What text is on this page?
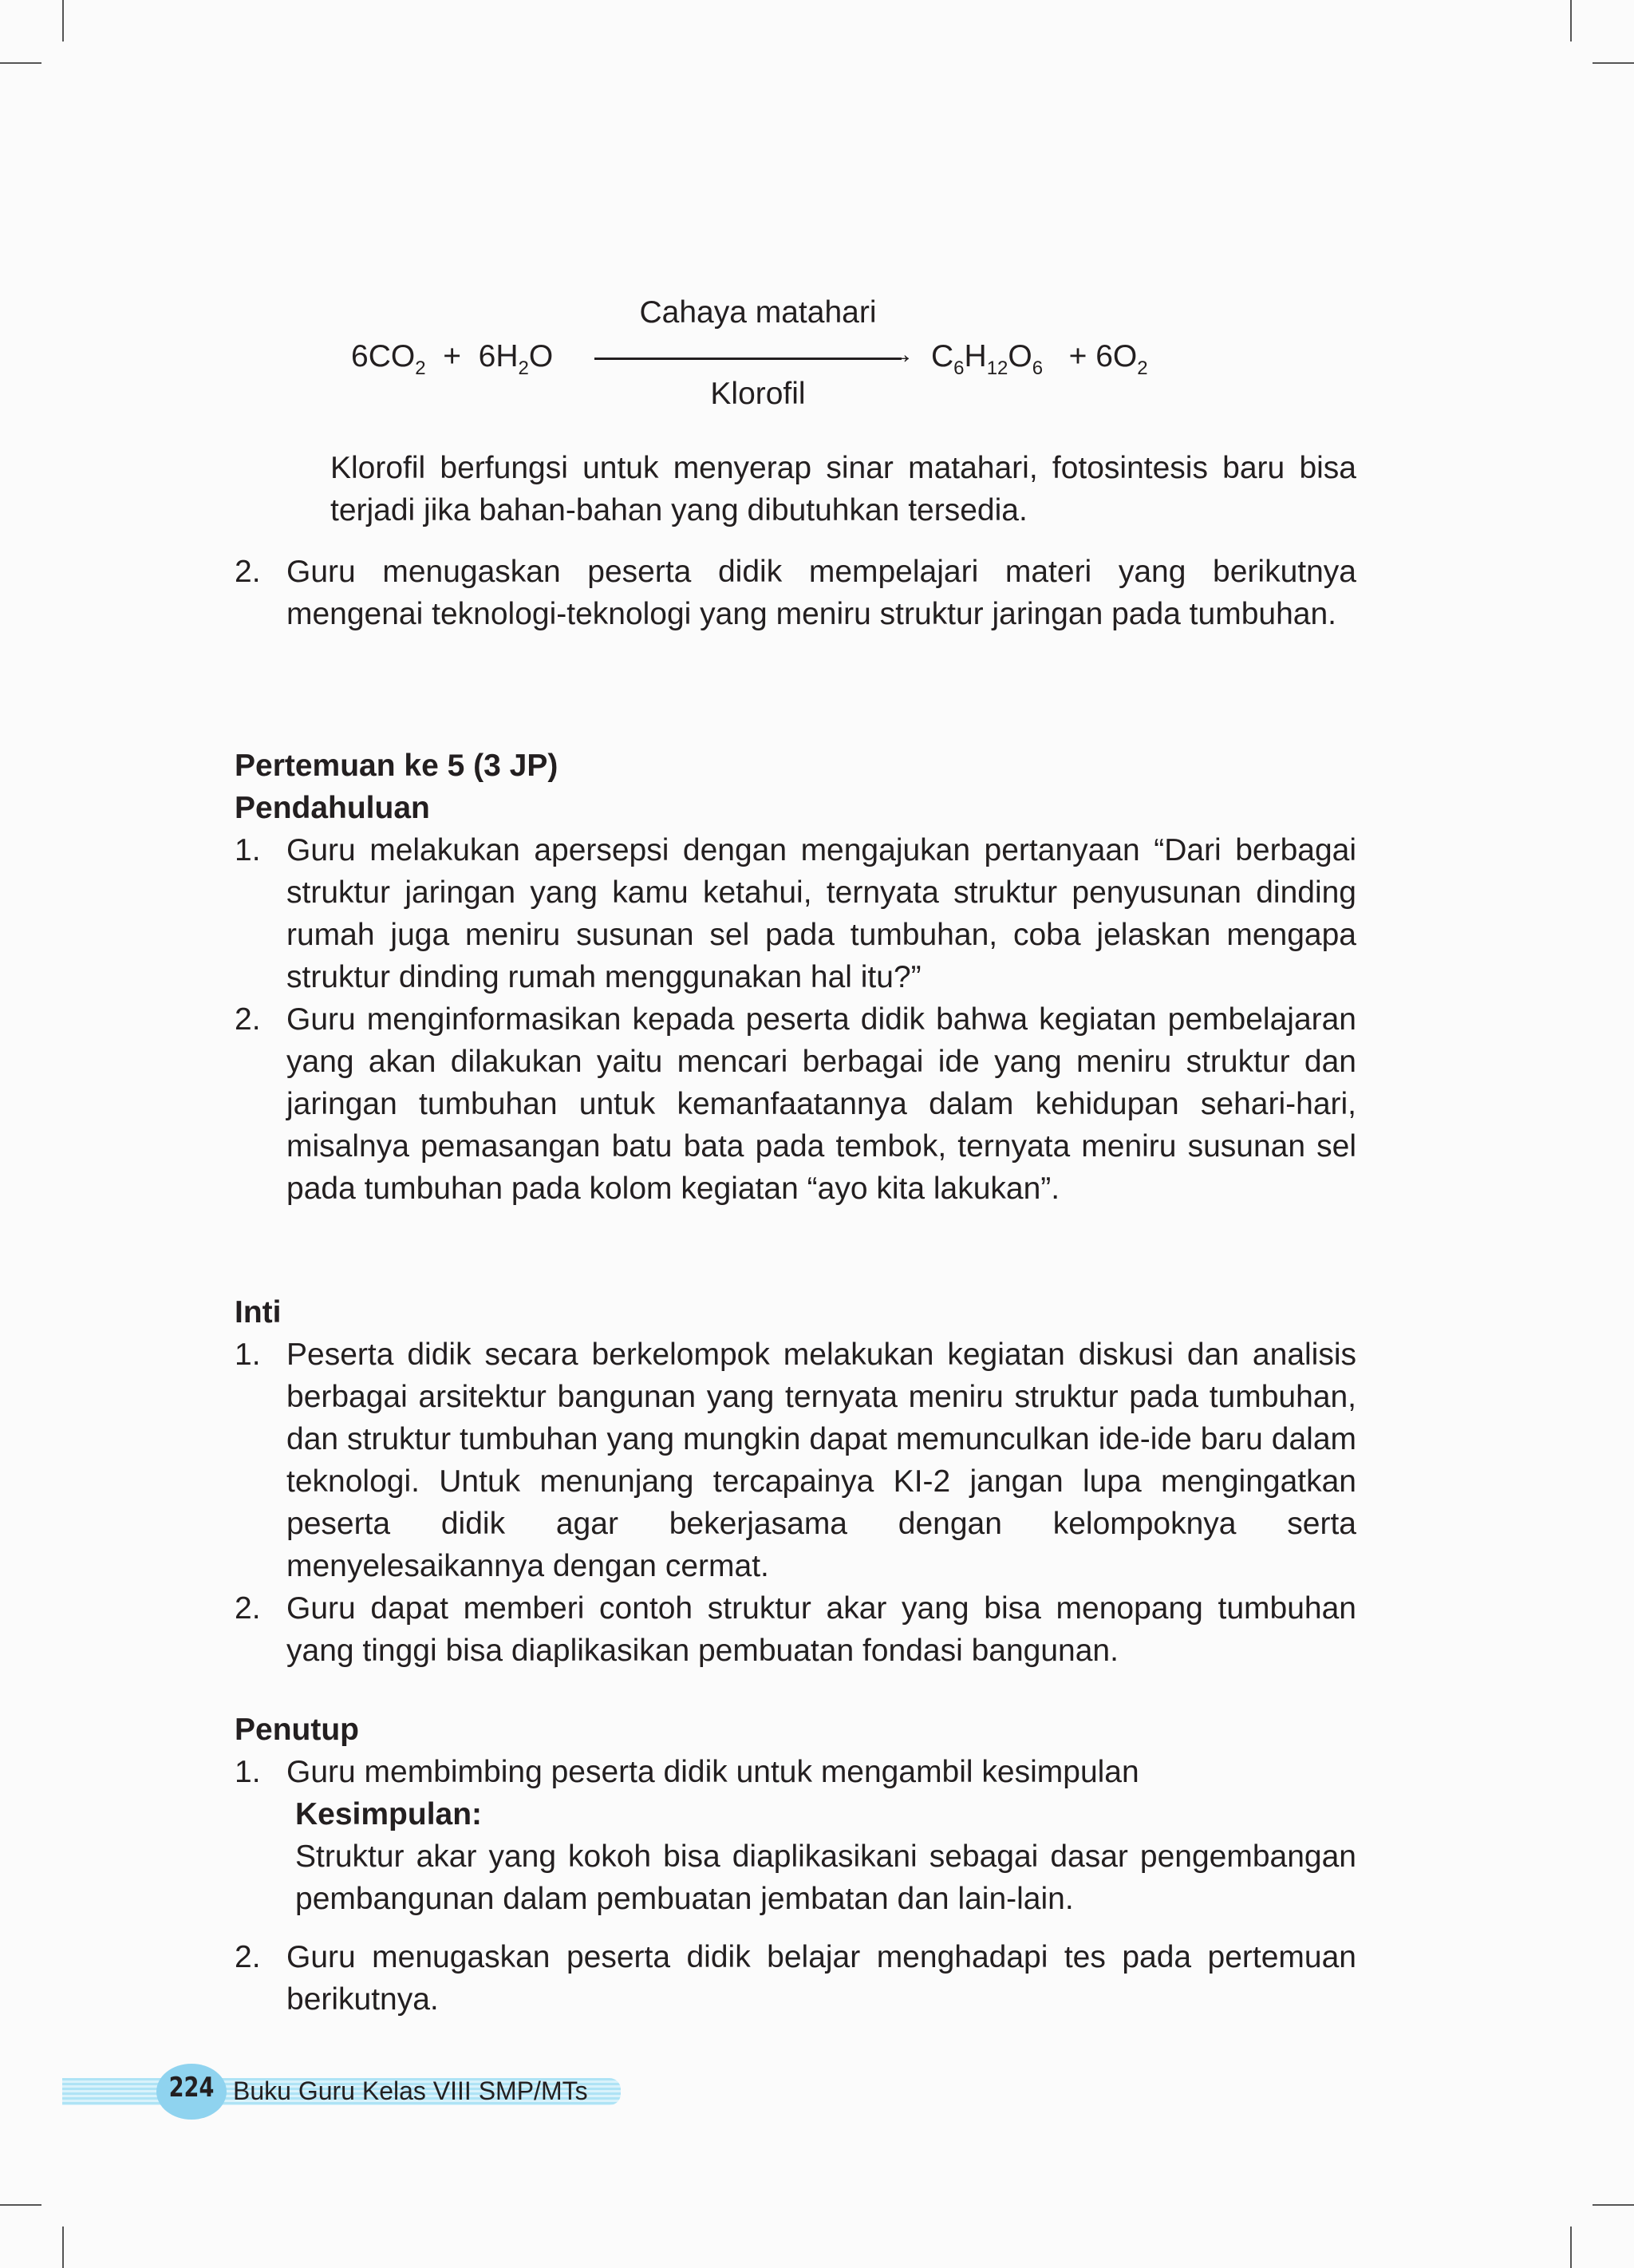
$6CO_2 + 6H_2O$
Cahaya matahari
→
Klorofil
$C_6H_{12}O_6 + 6O_2$

Klorofil berfungsi untuk menyerap sinar matahari, fotosintesis baru bisa terjadi jika bahan-bahan yang dibutuhkan tersedia.

2. Guru menugaskan peserta didik mempelajari materi yang berikutnya mengenai teknologi-teknologi yang meniru struktur jaringan pada tumbuhan.

Pertemuan ke 5 (3 JP)

Pendahuluan

1. Guru melakukan apersepsi dengan mengajukan pertanyaan “Dari berbagai struktur jaringan yang kamu ketahui, ternyata struktur penyusunan dinding rumah juga meniru susunan sel pada tumbuhan, coba jelaskan mengapa struktur dinding rumah menggunakan hal itu?”
2. Guru menginformasikan kepada peserta didik bahwa kegiatan pembelajaran yang akan dilakukan yaitu mencari berbagai ide yang meniru struktur dan jaringan tumbuhan untuk kemanfaatannya dalam kehidupan sehari-hari, misalnya pemasangan batu bata pada tembok, ternyata meniru susunan sel pada tumbuhan pada kolom kegiatan “ayo kita lakukan”.

Inti

1. Peserta didik secara berkelompok melakukan kegiatan diskusi dan analisis berbagai arsitektur bangunan yang ternyata meniru struktur pada tumbuhan, dan struktur tumbuhan yang mungkin dapat memunculkan ide-ide baru dalam teknologi. Untuk menunjang tercapainya KI-2 jangan lupa mengingatkan peserta didik agar bekerjasama dengan kelompoknya serta menyelesaikannya dengan cermat.
2. Guru dapat memberi contoh struktur akar yang bisa menopang tumbuhan yang tinggi bisa diaplikasikan pembuatan fondasi bangunan.

Penutup

1. Guru membimbing peserta didik untuk mengambil kesimpulan

Kesimpulan:

Struktur akar yang kokoh bisa diaplikasikani sebagai dasar pengembangan pembangunan dalam pembuatan jembatan dan lain-lain.

2. Guru menugaskan peserta didik belajar menghadapi tes pada pertemuan berikutnya.
224 Buku Guru Kelas VIII SMP/MTs
